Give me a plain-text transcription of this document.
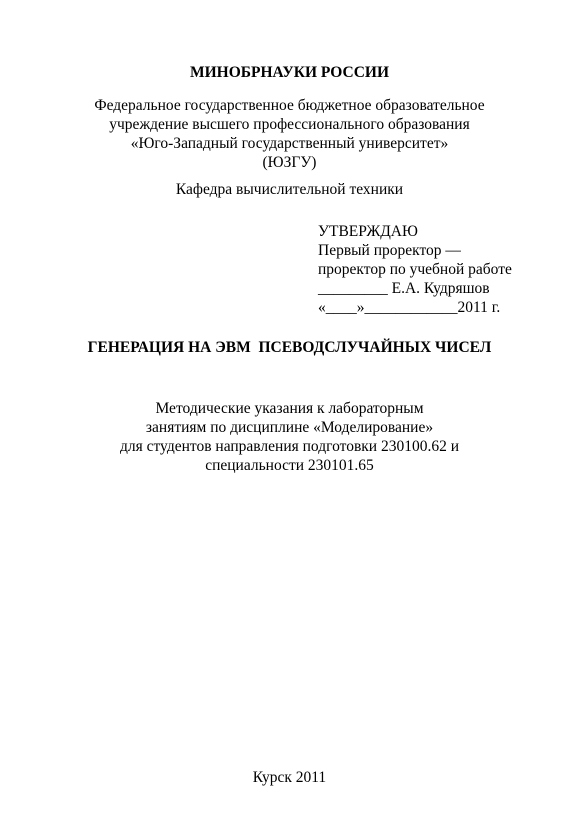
МИНОБРНАУКИ РОССИИ
Федеральное государственное бюджетное образовательное
учреждение высшего профессионального образования
«Юго-Западный государственный университет»
(ЮЗГУ)
Кафедра вычислительной техники
УТВЕРЖДАЮ
Первый проректор —
проректор по учебной работе
_________ Е.А. Кудряшов
«____»____________2011 г.
ГЕНЕРАЦИЯ НА ЭВМ  ПСЕВОДСЛУЧАЙНЫХ ЧИСЕЛ
Методические указания к лабораторным
занятиям по дисциплине «Моделирование»
для студентов направления подготовки 230100.62 и
специальности 230101.65
Курск 2011
